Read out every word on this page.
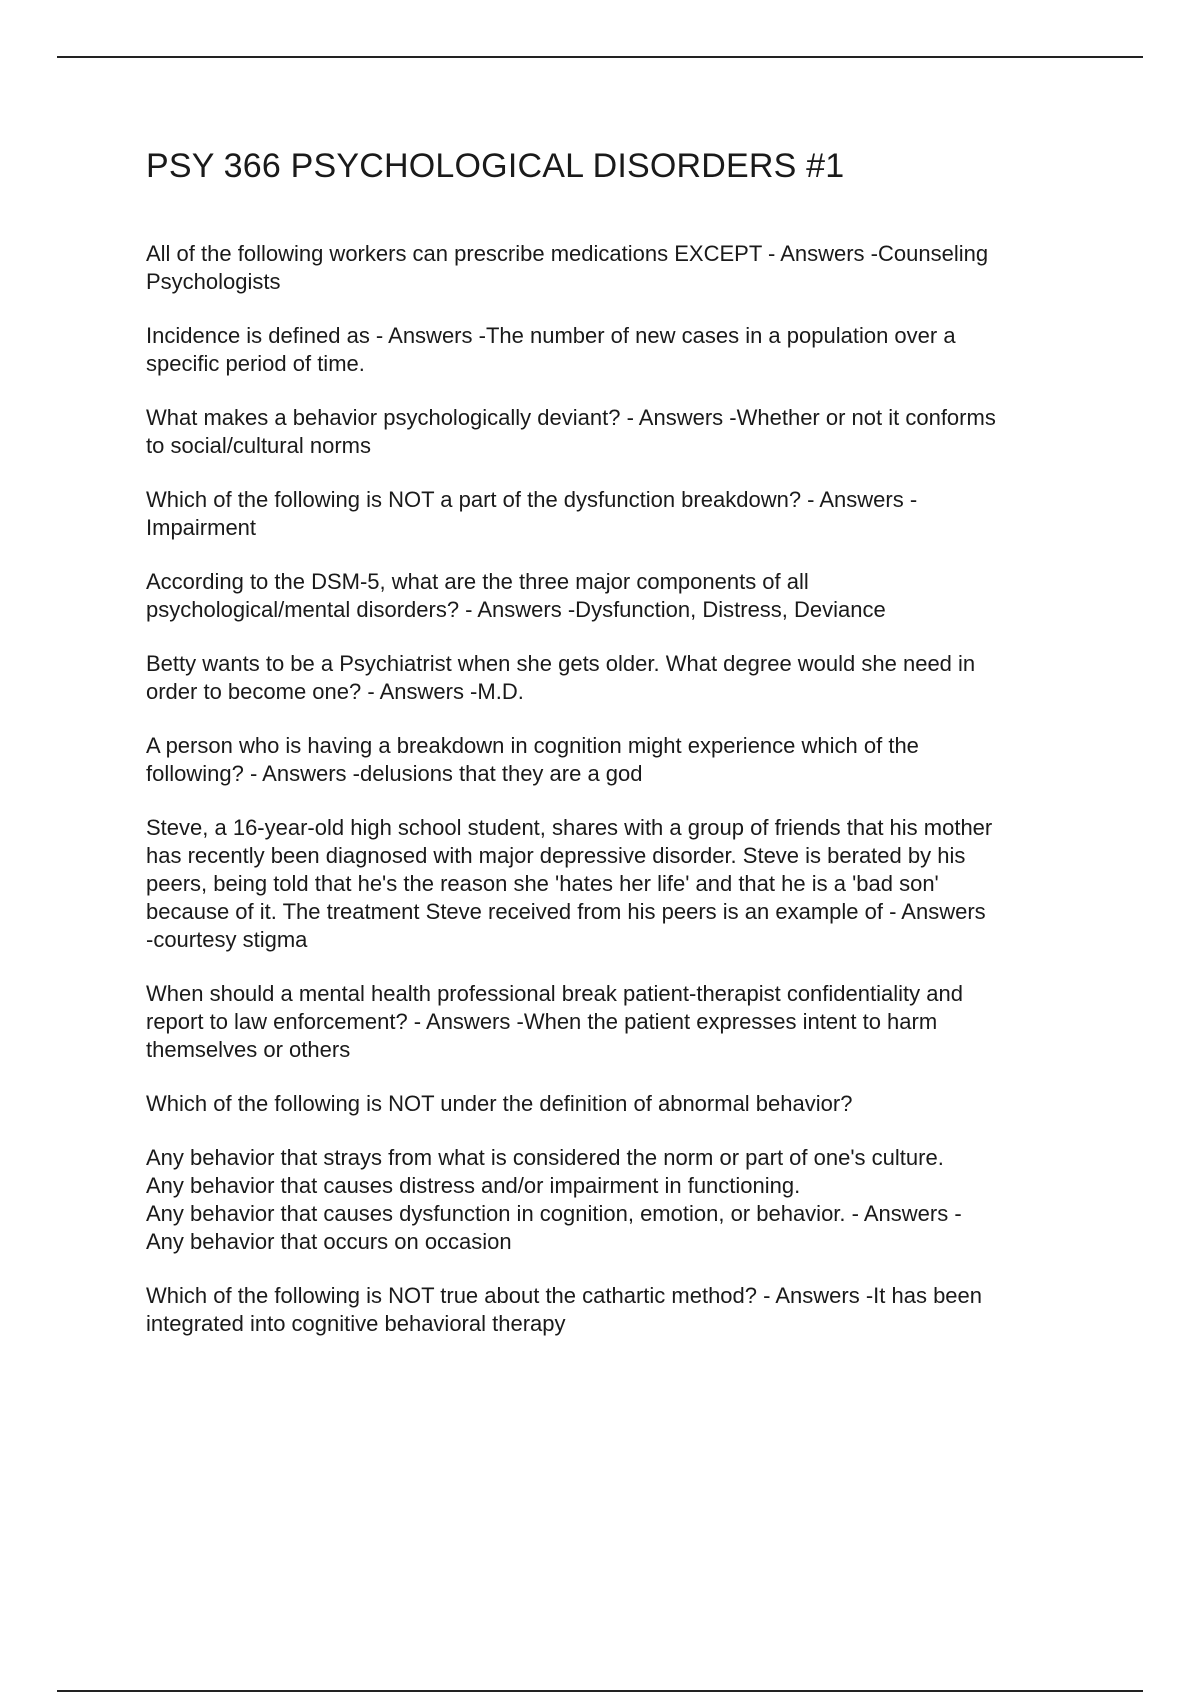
PSY 366 PSYCHOLOGICAL DISORDERS #1

All of the following workers can prescribe medications EXCEPT - Answers -Counseling
Psychologists

Incidence is defined as - Answers -The number of new cases in a population over a
specific period of time.

What makes a behavior psychologically deviant? - Answers -Whether or not it conforms
to social/cultural norms

Which of the following is NOT a part of the dysfunction breakdown? - Answers -
Impairment

According to the DSM-5, what are the three major components of all
psychological/mental disorders? - Answers -Dysfunction, Distress, Deviance

Betty wants to be a Psychiatrist when she gets older. What degree would she need in
order to become one? - Answers -M.D.

A person who is having a breakdown in cognition might experience which of the
following? - Answers -delusions that they are a god

Steve, a 16-year-old high school student, shares with a group of friends that his mother
has recently been diagnosed with major depressive disorder. Steve is berated by his
peers, being told that he's the reason she 'hates her life' and that he is a 'bad son'
because of it. The treatment Steve received from his peers is an example of - Answers
-courtesy stigma

When should a mental health professional break patient-therapist confidentiality and
report to law enforcement? - Answers -When the patient expresses intent to harm
themselves or others

Which of the following is NOT under the definition of abnormal behavior?

Any behavior that strays from what is considered the norm or part of one's culture.
Any behavior that causes distress and/or impairment in functioning.
Any behavior that causes dysfunction in cognition, emotion, or behavior. - Answers -
Any behavior that occurs on occasion

Which of the following is NOT true about the cathartic method? - Answers -It has been
integrated into cognitive behavioral therapy
